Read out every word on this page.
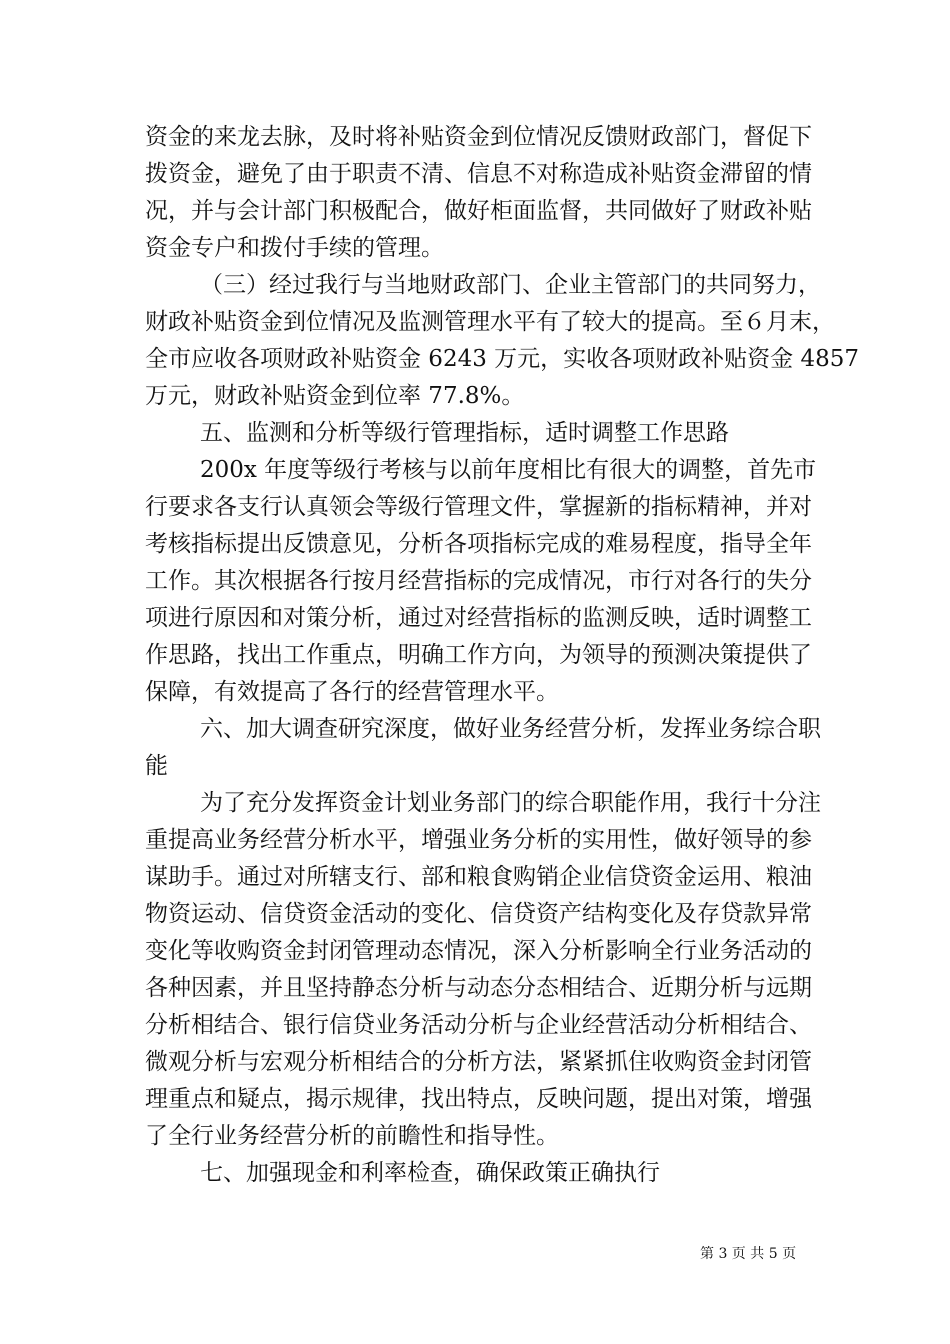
资金的来龙去脉，及时将补贴资金到位情况反馈财政部门，督促下
拨资金，避免了由于职责不清、信息不对称造成补贴资金滞留的情
况，并与会计部门积极配合，做好柜面监督，共同做好了财政补贴
资金专户和拨付手续的管理。
（三）经过我行与当地财政部门、企业主管部门的共同努力，
财政补贴资金到位情况及监测管理水平有了较大的提高。至６月末，
全市应收各项财政补贴资金 6243 万元，实收各项财政补贴资金 4857
万元，财政补贴资金到位率 77.8%。
五、监测和分析等级行管理指标，适时调整工作思路
200x 年度等级行考核与以前年度相比有很大的调整，首先市
行要求各支行认真领会等级行管理文件，掌握新的指标精神，并对
考核指标提出反馈意见，分析各项指标完成的难易程度，指导全年
工作。其次根据各行按月经营指标的完成情况，市行对各行的失分
项进行原因和对策分析，通过对经营指标的监测反映，适时调整工
作思路，找出工作重点，明确工作方向，为领导的预测决策提供了
保障，有效提高了各行的经营管理水平。
六、加大调查研究深度，做好业务经营分析，发挥业务综合职
能
为了充分发挥资金计划业务部门的综合职能作用，我行十分注
重提高业务经营分析水平，增强业务分析的实用性，做好领导的参
谋助手。通过对所辖支行、部和粮食购销企业信贷资金运用、粮油
物资运动、信贷资金活动的变化、信贷资产结构变化及存贷款异常
变化等收购资金封闭管理动态情况，深入分析影响全行业务活动的
各种因素，并且坚持静态分析与动态分态相结合、近期分析与远期
分析相结合、银行信贷业务活动分析与企业经营活动分析相结合、
微观分析与宏观分析相结合的分析方法，紧紧抓住收购资金封闭管
理重点和疑点，揭示规律，找出特点，反映问题，提出对策，增强
了全行业务经营分析的前瞻性和指导性。
七、加强现金和利率检查，确保政策正确执行
第 3 页 共 5 页
